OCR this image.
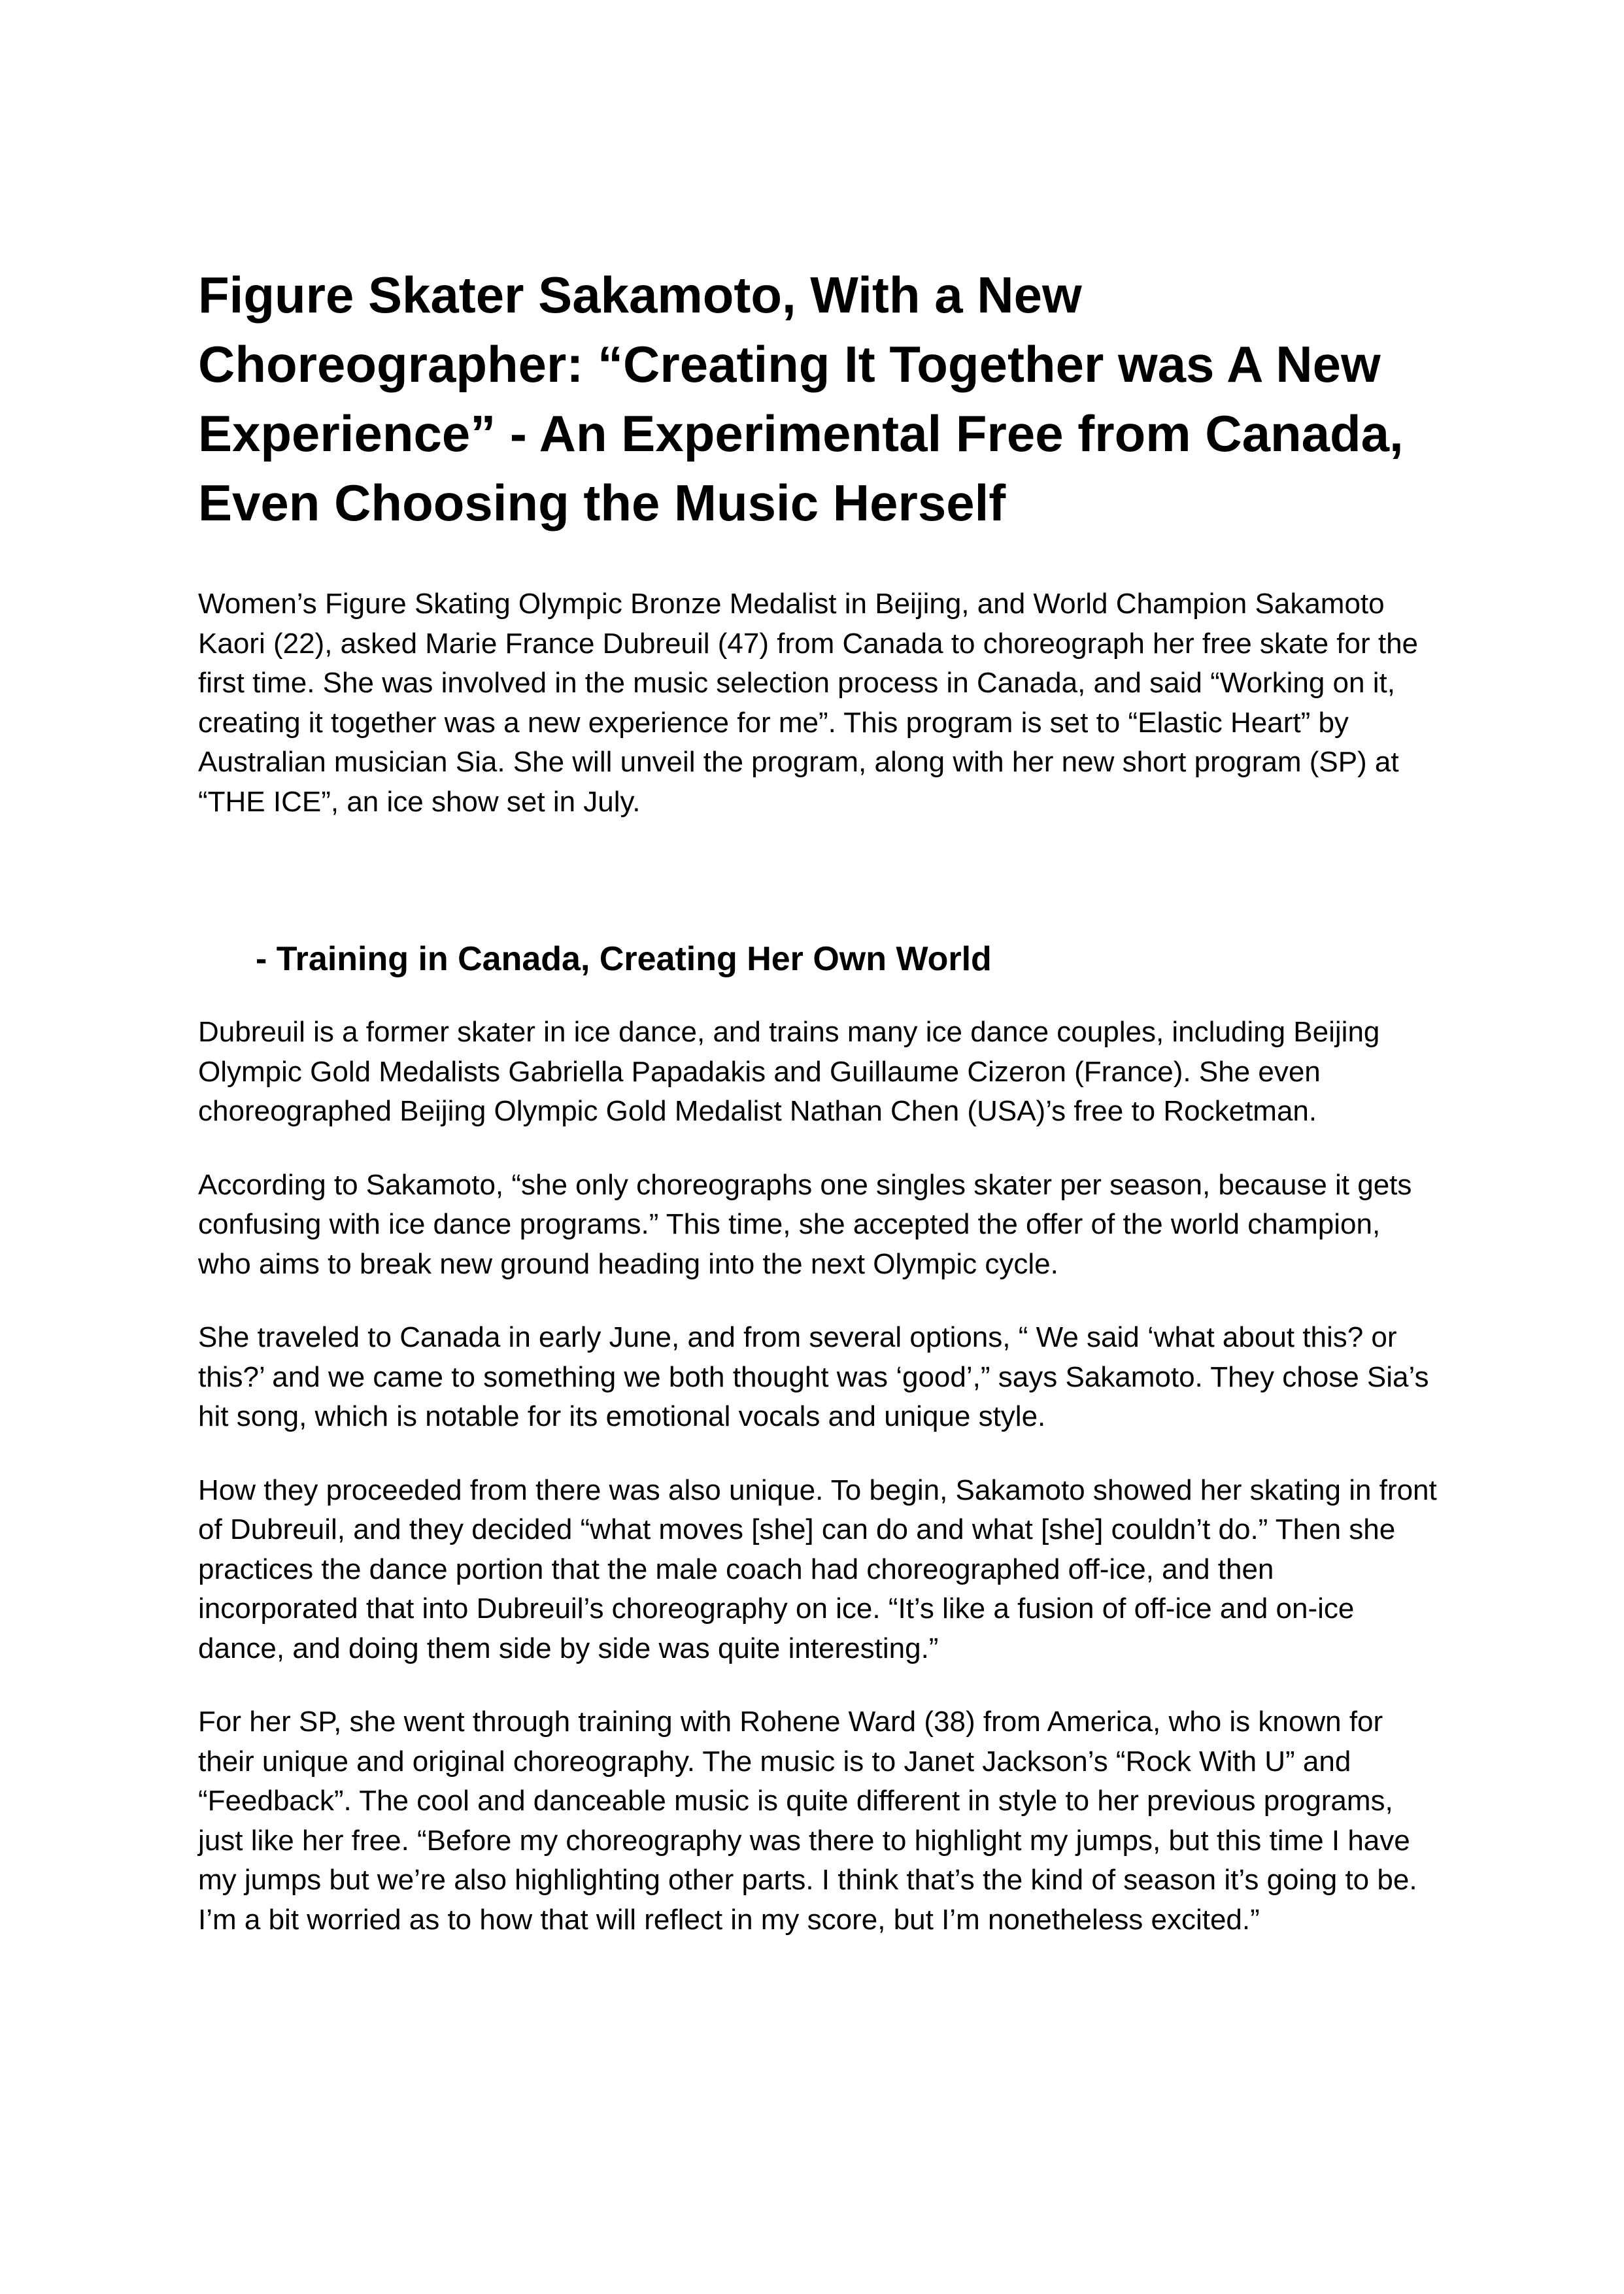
Figure Skater Sakamoto, With a New Choreographer: “Creating It Together was A New Experience” - An Experimental Free from Canada, Even Choosing the Music Herself

Women’s Figure Skating Olympic Bronze Medalist in Beijing, and World Champion Sakamoto Kaori (22), asked Marie France Dubreuil (47) from Canada to choreograph her free skate for the first time. She was involved in the music selection process in Canada, and said “Working on it, creating it together was a new experience for me”. This program is set to “Elastic Heart” by Australian musician Sia. She will unveil the program, along with her new short program (SP) at “THE ICE”, an ice show set in July.

- Training in Canada, Creating Her Own World

Dubreuil is a former skater in ice dance, and trains many ice dance couples, including Beijing Olympic Gold Medalists Gabriella Papadakis and Guillaume Cizeron (France). She even choreographed Beijing Olympic Gold Medalist Nathan Chen (USA)’s free to Rocketman.

According to Sakamoto, “she only choreographs one singles skater per season, because it gets confusing with ice dance programs.” This time, she accepted the offer of the world champion, who aims to break new ground heading into the next Olympic cycle.

She traveled to Canada in early June, and from several options, “ We said ‘what about this? or this?’ and we came to something we both thought was ‘good’,” says Sakamoto. They chose Sia’s hit song, which is notable for its emotional vocals and unique style.

How they proceeded from there was also unique. To begin, Sakamoto showed her skating in front of Dubreuil, and they decided “what moves [she] can do and what [she] couldn’t do.” Then she practices the dance portion that the male coach had choreographed off-ice, and then incorporated that into Dubreuil’s choreography on ice. “It’s like a fusion of off-ice and on-ice dance, and doing them side by side was quite interesting.”

For her SP, she went through training with Rohene Ward (38) from America, who is known for their unique and original choreography. The music is to Janet Jackson’s “Rock With U” and “Feedback”. The cool and danceable music is quite different in style to her previous programs, just like her free. “Before my choreography was there to highlight my jumps, but this time I have my jumps but we’re also highlighting other parts. I think that’s the kind of season it’s going to be. I’m a bit worried as to how that will reflect in my score, but I’m nonetheless excited.”
